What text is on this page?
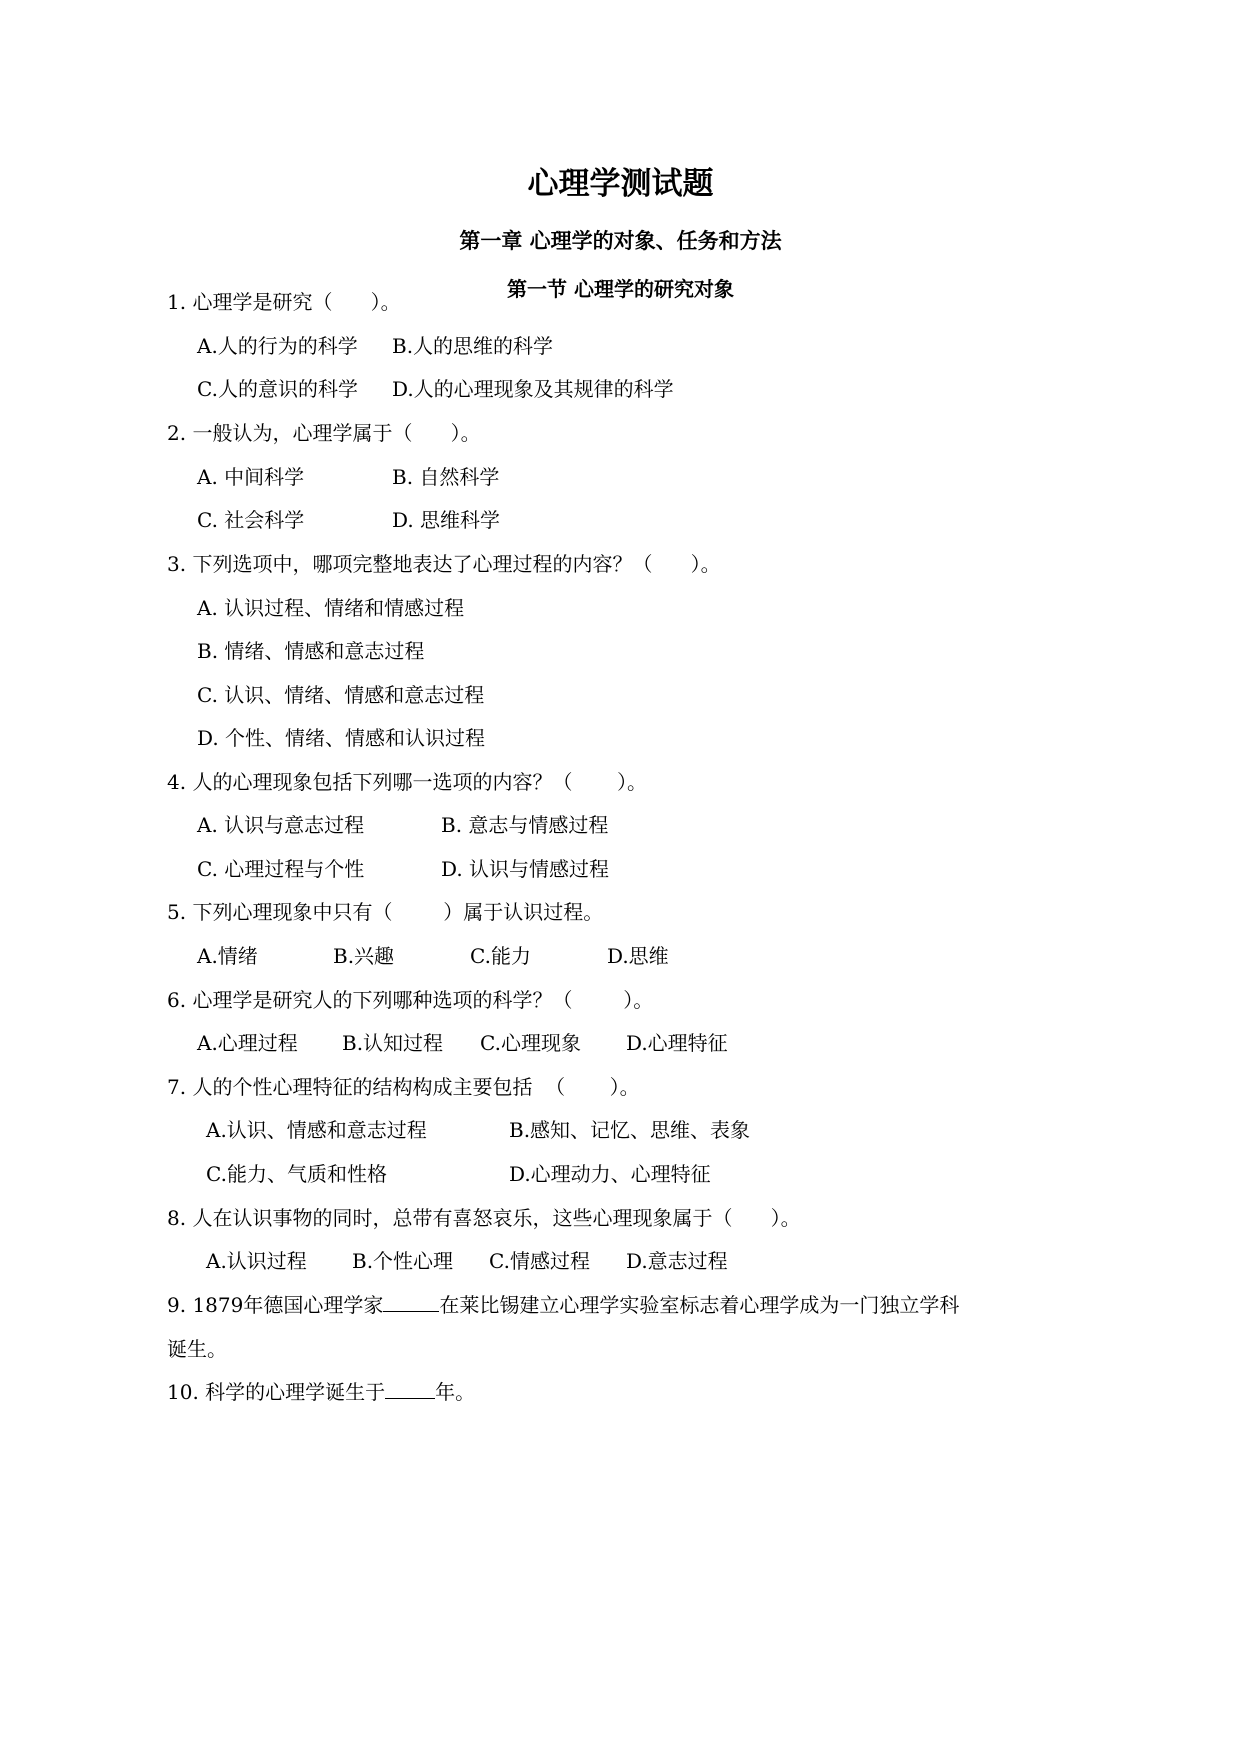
心理学测试题
第一章 心理学的对象、任务和方法
第一节 心理学的研究对象
1. 心理学是研究（      ）。
A.人的行为的科学 B.人的思维的科学
C.人的意识的科学 D.人的心理现象及其规律的科学
2. 一般认为，心理学属于（      ）。
A. 中间科学	B. 自然科学
C. 社会科学	D. 思维科学
3. 下列选项中，哪项完整地表达了心理过程的内容？（      ）。
A. 认识过程、情绪和情感过程
B. 情绪、情感和意志过程
C. 认识、情绪、情感和意志过程
D. 个性、情绪、情感和认识过程
4. 人的心理现象包括下列哪一选项的内容？（       ）。
A. 认识与意志过程	B. 意志与情感过程
C. 心理过程与个性	D. 认识与情感过程
5. 下列心理现象中只有（        ）属于认识过程。
A.情绪	B.兴趣	C.能力	D.思维
6. 心理学是研究人的下列哪种选项的科学？（        ）。
A.心理过程 B.认知过程 C.心理现象 D.心理特征
7. 人的个性心理特征的结构构成主要包括  （       ）。
A.认识、情感和意志过程	B.感知、记忆、思维、表象
C.能力、气质和性格	D.心理动力、心理特征
8. 人在认识事物的同时，总带有喜怒哀乐，这些心理现象属于（      ）。
A.认识过程 B.个性心理 C.情感过程 D.意志过程
9. 1879年德国心理学家	在莱比锡建立心理学实验室标志着心理学成为一门独立学科
诞生。
10. 科学的心理学诞生于	年。
